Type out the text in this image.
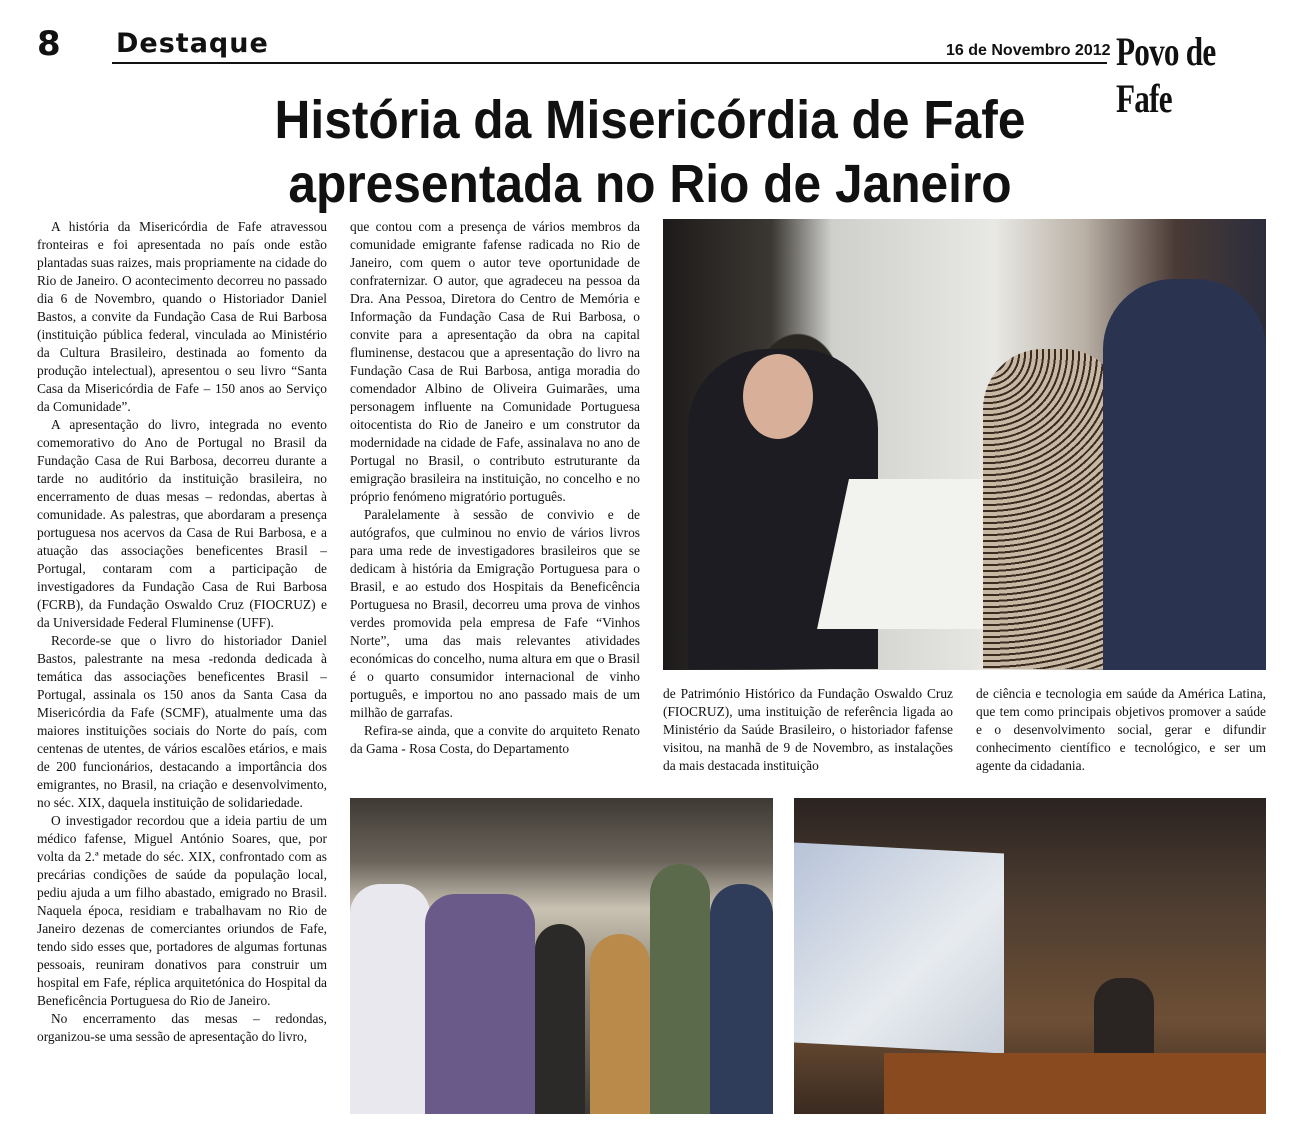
8 Destaque	16 de Novembro 2012 Povo de Fafe
História da Misericórdia de Fafe
apresentada no Rio de Janeiro

A história da Misericórdia de Fafe atravessou fronteiras e foi apresentada no país onde estão plantadas suas raizes, mais propriamente na cidade do Rio de Janeiro. O acontecimento decorreu no passado dia 6 de Novembro, quando o Historiador Daniel Bastos, a convite da Fundação Casa de Rui Barbosa (instituição pública federal, vinculada ao Ministério da Cultura Brasileiro, destinada ao fomento da produção intelectual), apresentou o seu livro “Santa Casa da Misericórdia de Fafe – 150 anos ao Serviço da Comunidade”.

A apresentação do livro, integrada no evento comemorativo do Ano de Portugal no Brasil da Fundação Casa de Rui Barbosa, decorreu durante a tarde no auditório da instituição brasileira, no encerramento de duas mesas – redondas, abertas à comunidade. As palestras, que abordaram a presença portuguesa nos acervos da Casa de Rui Barbosa, e a atuação das associações beneficentes Brasil – Portugal, contaram com a participação de investigadores da Fundação Casa de Rui Barbosa (FCRB), da Fundação Oswaldo Cruz (FIOCRUZ) e da Universidade Federal Fluminense (UFF).

Recorde-se que o livro do historiador Daniel Bastos, palestrante na mesa -redonda dedicada à temática das associações beneficentes Brasil – Portugal, assinala os 150 anos da Santa Casa da Misericórdia da Fafe (SCMF), atualmente uma das maiores instituições sociais do Norte do país, com centenas de utentes, de vários escalões etários, e mais de 200 funcionários, destacando a importância dos emigrantes, no Brasil, na criação e desenvolvimento, no séc. XIX, daquela instituição de solidariedade.

O investigador recordou que a ideia partiu de um médico fafense, Miguel António Soares, que, por volta da 2.ª metade do séc. XIX, confrontado com as precárias condições de saúde da população local, pediu ajuda a um filho abastado, emigrado no Brasil. Naquela época, residiam e trabalhavam no Rio de Janeiro dezenas de comerciantes oriundos de Fafe, tendo sido esses que, portadores de algumas fortunas pessoais, reuniram donativos para construir um hospital em Fafe, réplica arquitetónica do Hospital da Beneficência Portuguesa do Rio de Janeiro.

No encerramento das mesas – redondas, organizou-se uma sessão de apresentação do livro,

que contou com a presença de vários membros da comunidade emigrante fafense radicada no Rio de Janeiro, com quem o autor teve oportunidade de confraternizar. O autor, que agradeceu na pessoa da Dra. Ana Pessoa, Diretora do Centro de Memória e Informação da Fundação Casa de Rui Barbosa, o convite para a apresentação da obra na capital fluminense, destacou que a apresentação do livro na Fundação Casa de Rui Barbosa, antiga moradia do comendador Albino de Oliveira Guimarães, uma personagem influente na Comunidade Portuguesa oitocentista do Rio de Janeiro e um construtor da modernidade na cidade de Fafe, assinalava no ano de Portugal no Brasil, o contributo estruturante da emigração brasileira na instituição, no concelho e no próprio fenómeno migratório português.

Paralelamente à sessão de convivio e de autógrafos, que culminou no envio de vários livros para uma rede de investigadores brasileiros que se dedicam à história da Emigração Portuguesa para o Brasil, e ao estudo dos Hospitais da Beneficência Portuguesa no Brasil, decorreu uma prova de vinhos verdes promovida pela empresa de Fafe “Vinhos Norte”, uma das mais relevantes atividades económicas do concelho, numa altura em que o Brasil é o quarto consumidor internacional de vinho português, e importou no ano passado mais de um milhão de garrafas.

Refira-se ainda, que a convite do arquiteto Renato da Gama - Rosa Costa, do Departamento

de Património Histórico da Fundação Oswaldo Cruz (FIOCRUZ), uma instituição de referência ligada ao Ministério da Saúde Brasileiro, o historiador fafense visitou, na manhã de 9 de Novembro, as instalações da mais destacada instituição

de ciência e tecnologia em saúde da América Latina, que tem como principais objetivos promover a saúde e o desenvolvimento social, gerar e difundir conhecimento científico e tecnológico, e ser um agente da cidadania.
